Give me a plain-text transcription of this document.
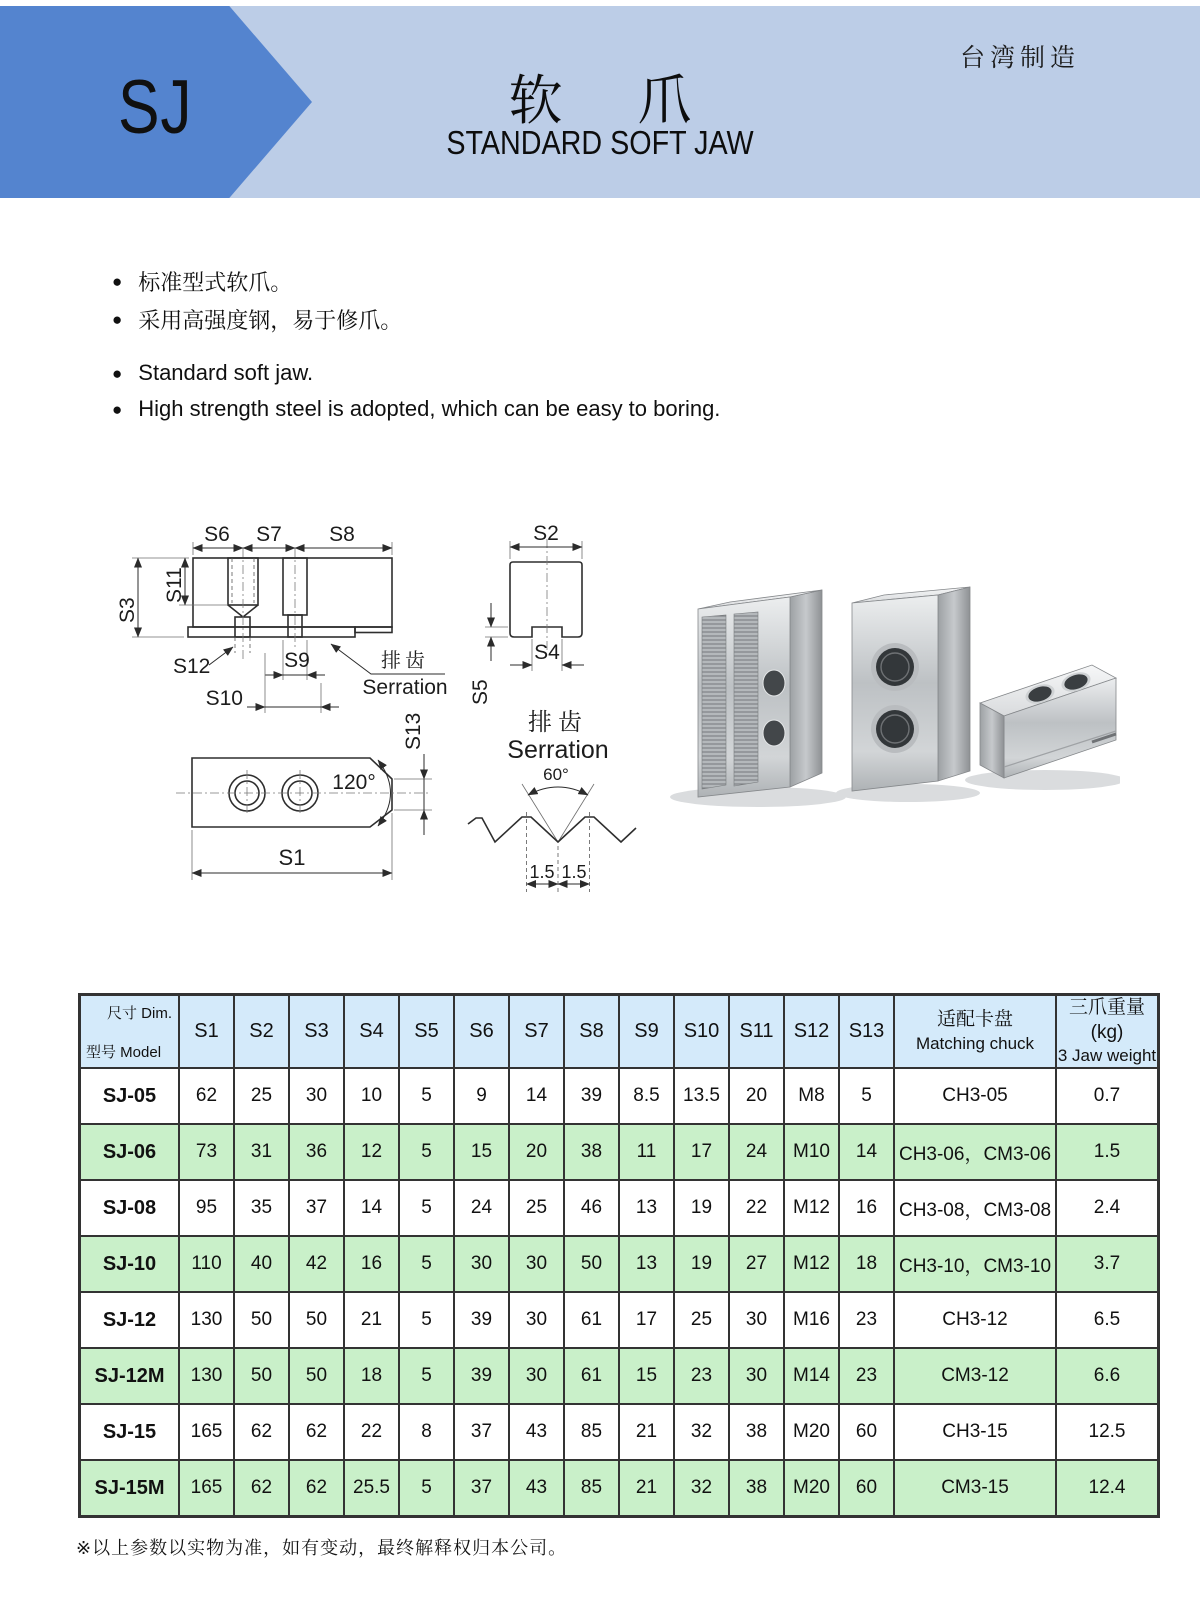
SJ	软 爪
STANDARD SOFT JAW
台湾制造
● 标准型式软爪。
● 采用高强度钢，易于修爪。
● Standard soft jaw.
● High strength steel is adopted, which can be easy to boring.
S6 S7 S8
S3
S11
S12	S9
S10
排齿
Serration
120°
S13
S1
S2
S5
S4
排齿
Serration
60°
1.5 1.5
尺寸 Dim.
型号 Model	S1	S2	S3	S4	S5	S6	S7	S8	S9	S10	S11	S12	S13	适配卡盘
Matching chuck	三爪重量(kg)
3 Jaw weight

SJ-05	62	25	30	10	5	9	14	39	8.5	13.5	20	M8	5	CH3-05	0.7
SJ-06	73	31	36	12	5	15	20	38	11	17	24	M10	14	CH3-06，CM3-06	1.5
SJ-08	95	35	37	14	5	24	25	46	13	19	22	M12	16	CH3-08，CM3-08	2.4
SJ-10	110	40	42	16	5	30	30	50	13	19	27	M12	18	CH3-10，CM3-10	3.7
SJ-12	130	50	50	21	5	39	30	61	17	25	30	M16	23	CH3-12	6.5
SJ-12M	130	50	50	18	5	39	30	61	15	23	30	M14	23	CM3-12	6.6
SJ-15	165	62	62	22	8	37	43	85	21	32	38	M20	60	CH3-15	12.5
SJ-15M	165	62	62	25.5	5	37	43	85	21	32	38	M20	60	CM3-15	12.4
※以上参数以实物为准，如有变动，最终解释权归本公司。
